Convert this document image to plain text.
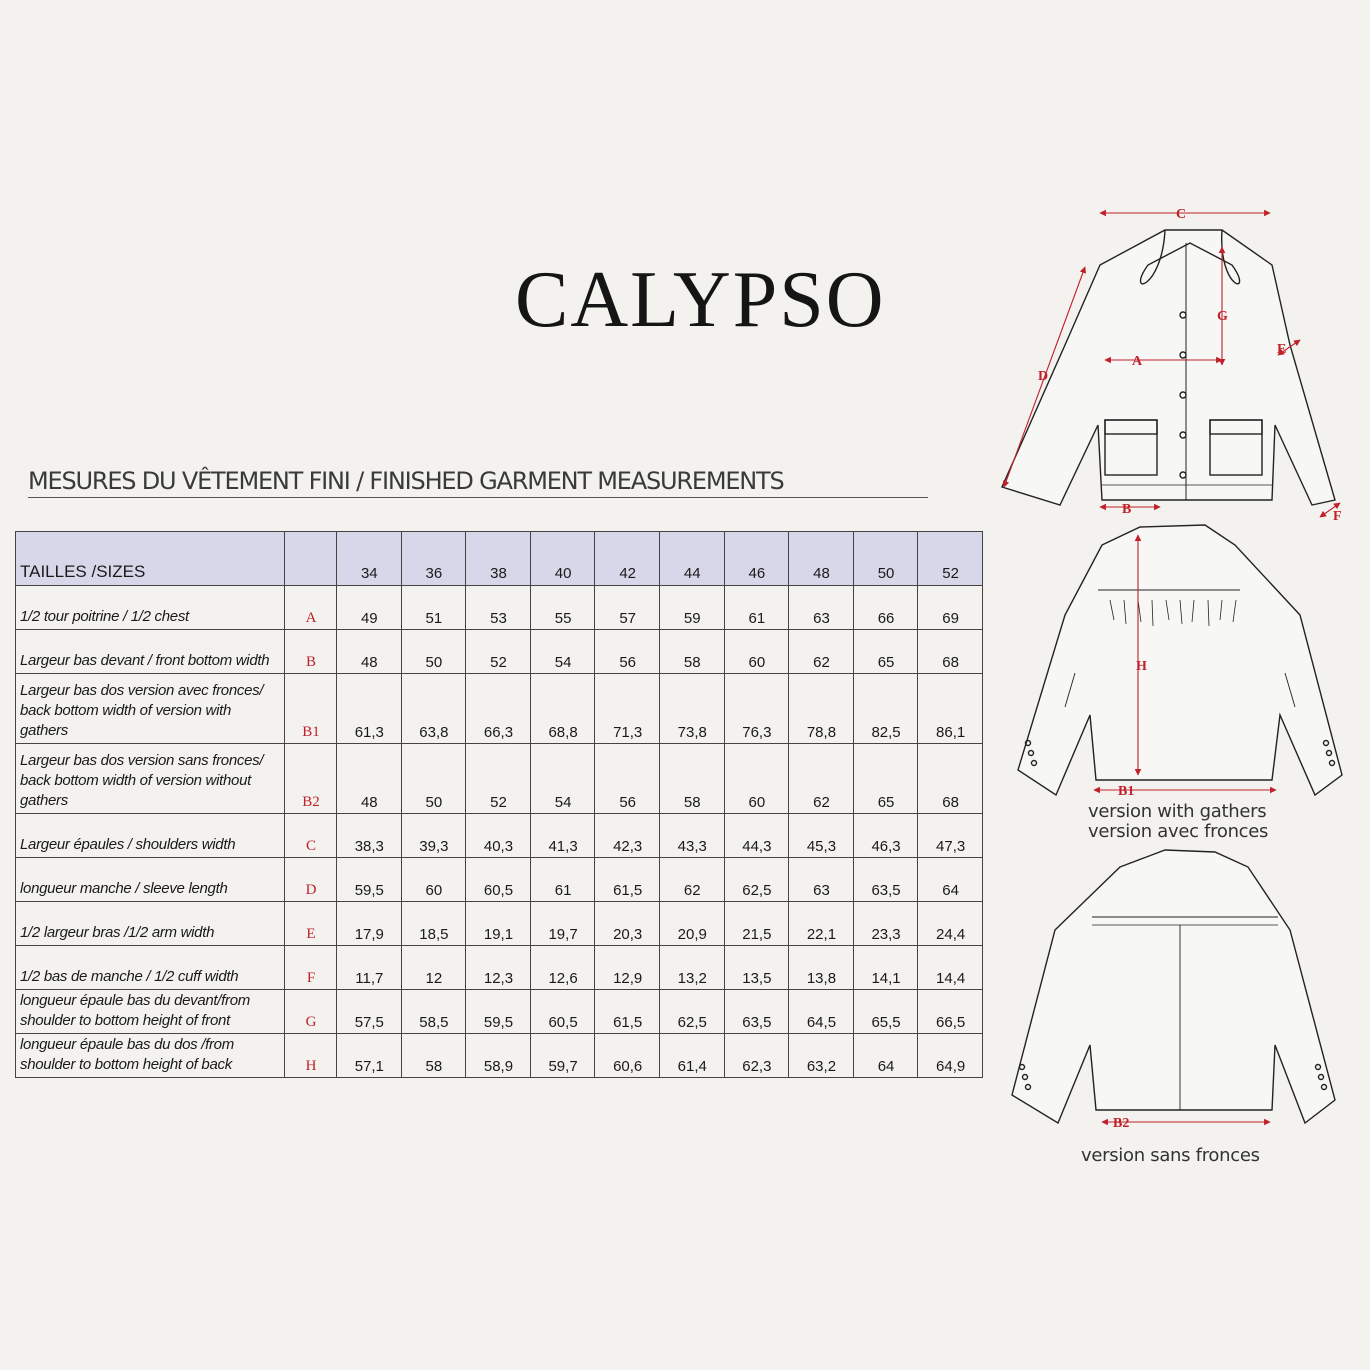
CALYPSO
MESURES DU VÊTEMENT FINI / FINISHED GARMENT MEASUREMENTS
TAILLES /SIZES		34	36	38	40	42	44	46	48	50	52
1/2 tour poitrine / 1/2 chest	A	49	51	53	55	57	59	61	63	66	69
Largeur bas devant / front bottom width	B	48	50	52	54	56	58	60	62	65	68
Largeur bas dos version avec fronces/ back bottom width of version with gathers	B1	61,3	63,8	66,3	68,8	71,3	73,8	76,3	78,8	82,5	86,1
Largeur bas dos version sans fronces/ back bottom width of version without gathers	B2	48	50	52	54	56	58	60	62	65	68
Largeur épaules / shoulders width	C	38,3	39,3	40,3	41,3	42,3	43,3	44,3	45,3	46,3	47,3
longueur manche / sleeve length	D	59,5	60	60,5	61	61,5	62	62,5	63	63,5	64
1/2 largeur bras /1/2 arm width	E	17,9	18,5	19,1	19,7	20,3	20,9	21,5	22,1	23,3	24,4
1/2 bas de manche / 1/2 cuff width	F	11,7	12	12,3	12,6	12,9	13,2	13,5	13,8	14,1	14,4
longueur épaule bas du devant/from shoulder to bottom height of front	G	57,5	58,5	59,5	60,5	61,5	62,5	63,5	64,5	65,5	66,5
longueur épaule bas du dos /from shoulder to bottom height of back	H	57,1	58	58,9	59,7	60,6	61,4	62,3	63,2	64	64,9
C
G
A
E
D
B	F
H
B1
version with gathers
version avec fronces
B2
version sans fronces
